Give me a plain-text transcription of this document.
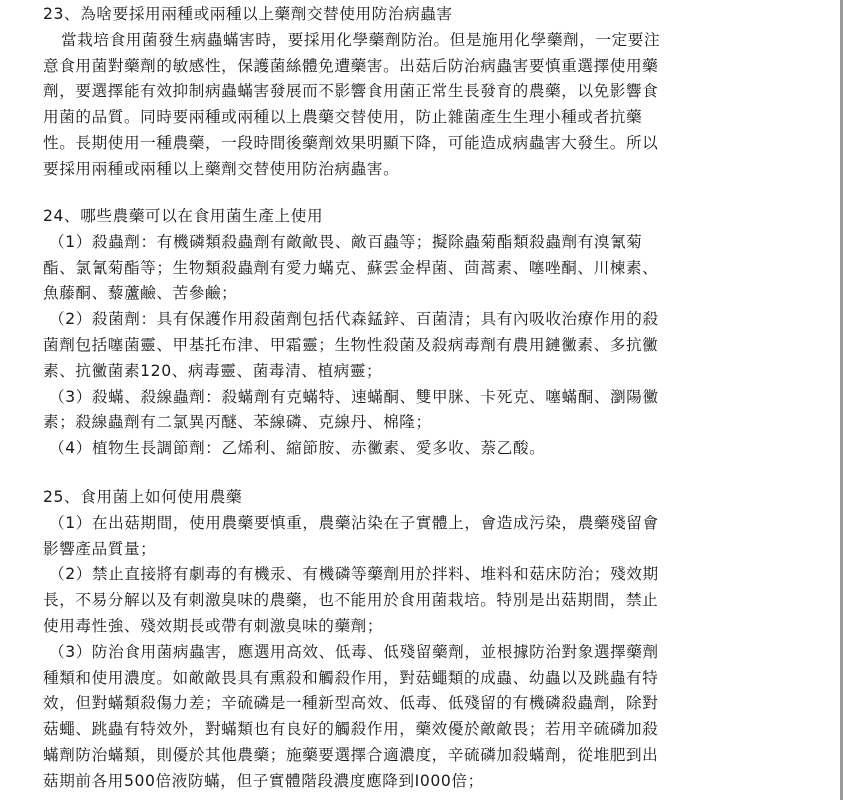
23、為啥要採用兩種或兩種以上藥劑交替使用防治病蟲害
當栽培食用菌發生病蟲蟎害時，要採用化學藥劑防治。但是施用化學藥劑，一定要注
意食用菌對藥劑的敏感性，保護菌絲體免遭藥害。出菇后防治病蟲害要慎重選擇使用藥
劑，要選擇能有效抑制病蟲蟎害發展而不影響食用菌正常生長發育的農藥，以免影響食
用菌的品質。同時要兩種或兩種以上農藥交替使用，防止雜菌產生生理小種或者抗藥
性。長期使用一種農藥，一段時間後藥劑效果明顯下降，可能造成病蟲害大發生。所以
要採用兩種或兩種以上藥劑交替使用防治病蟲害。
24、哪些農藥可以在食用菌生產上使用
（1）殺蟲劑：有機磷類殺蟲劑有敵敵畏、敵百蟲等；擬除蟲菊酯類殺蟲劑有溴氰菊
酯、氯氰菊酯等；生物類殺蟲劑有愛力蟎克、蘇雲金桿菌、茴蒿素、噻唑酮、川楝素、
魚藤酮、藜蘆鹼、苦參鹼；
（2）殺菌劑：具有保護作用殺菌劑包括代森錳鋅、百菌清；具有內吸收治療作用的殺
菌劑包括噻菌靈、甲基托布津、甲霜靈；生物性殺菌及殺病毒劑有農用鏈黴素、多抗黴
素、抗黴菌素120、病毒靈、菌毒清、植病靈；
（3）殺蟎、殺線蟲劑：殺蟎劑有克蟎特、速蟎酮、雙甲脒、卡死克、噻蟎酮、瀏陽黴
素；殺線蟲劑有二氯異丙醚、苯線磷、克線丹、棉隆；
（4）植物生長調節劑：乙烯利、縮節胺、赤黴素、愛多收、萘乙酸。
25、食用菌上如何使用農藥
（1）在出菇期間，使用農藥要慎重，農藥沾染在子實體上，會造成污染，農藥殘留會
影響產品質量；
（2）禁止直接將有劇毒的有機汞、有機磷等藥劑用於拌料、堆料和菇床防治；殘效期
長，不易分解以及有刺激臭味的農藥，也不能用於食用菌栽培。特別是出菇期間，禁止
使用毒性強、殘效期長或帶有刺激臭味的藥劑；
（3）防治食用菌病蟲害，應選用高效、低毒、低殘留藥劑，並根據防治對象選擇藥劑
種類和使用濃度。如敵敵畏具有熏殺和觸殺作用，對菇蠅類的成蟲、幼蟲以及跳蟲有特
效，但對蟎類殺傷力差；辛硫磷是一種新型高效、低毒、低殘留的有機磷殺蟲劑，除對
菇蠅、跳蟲有特效外，對蟎類也有良好的觸殺作用，藥效優於敵敵畏；若用辛硫磷加殺
蟎劑防治蟎類，則優於其他農藥；施藥要選擇合適濃度，辛硫磷加殺蟎劑，從堆肥到出
菇期前各用500倍液防蟎，但子實體階段濃度應降到I000倍；
